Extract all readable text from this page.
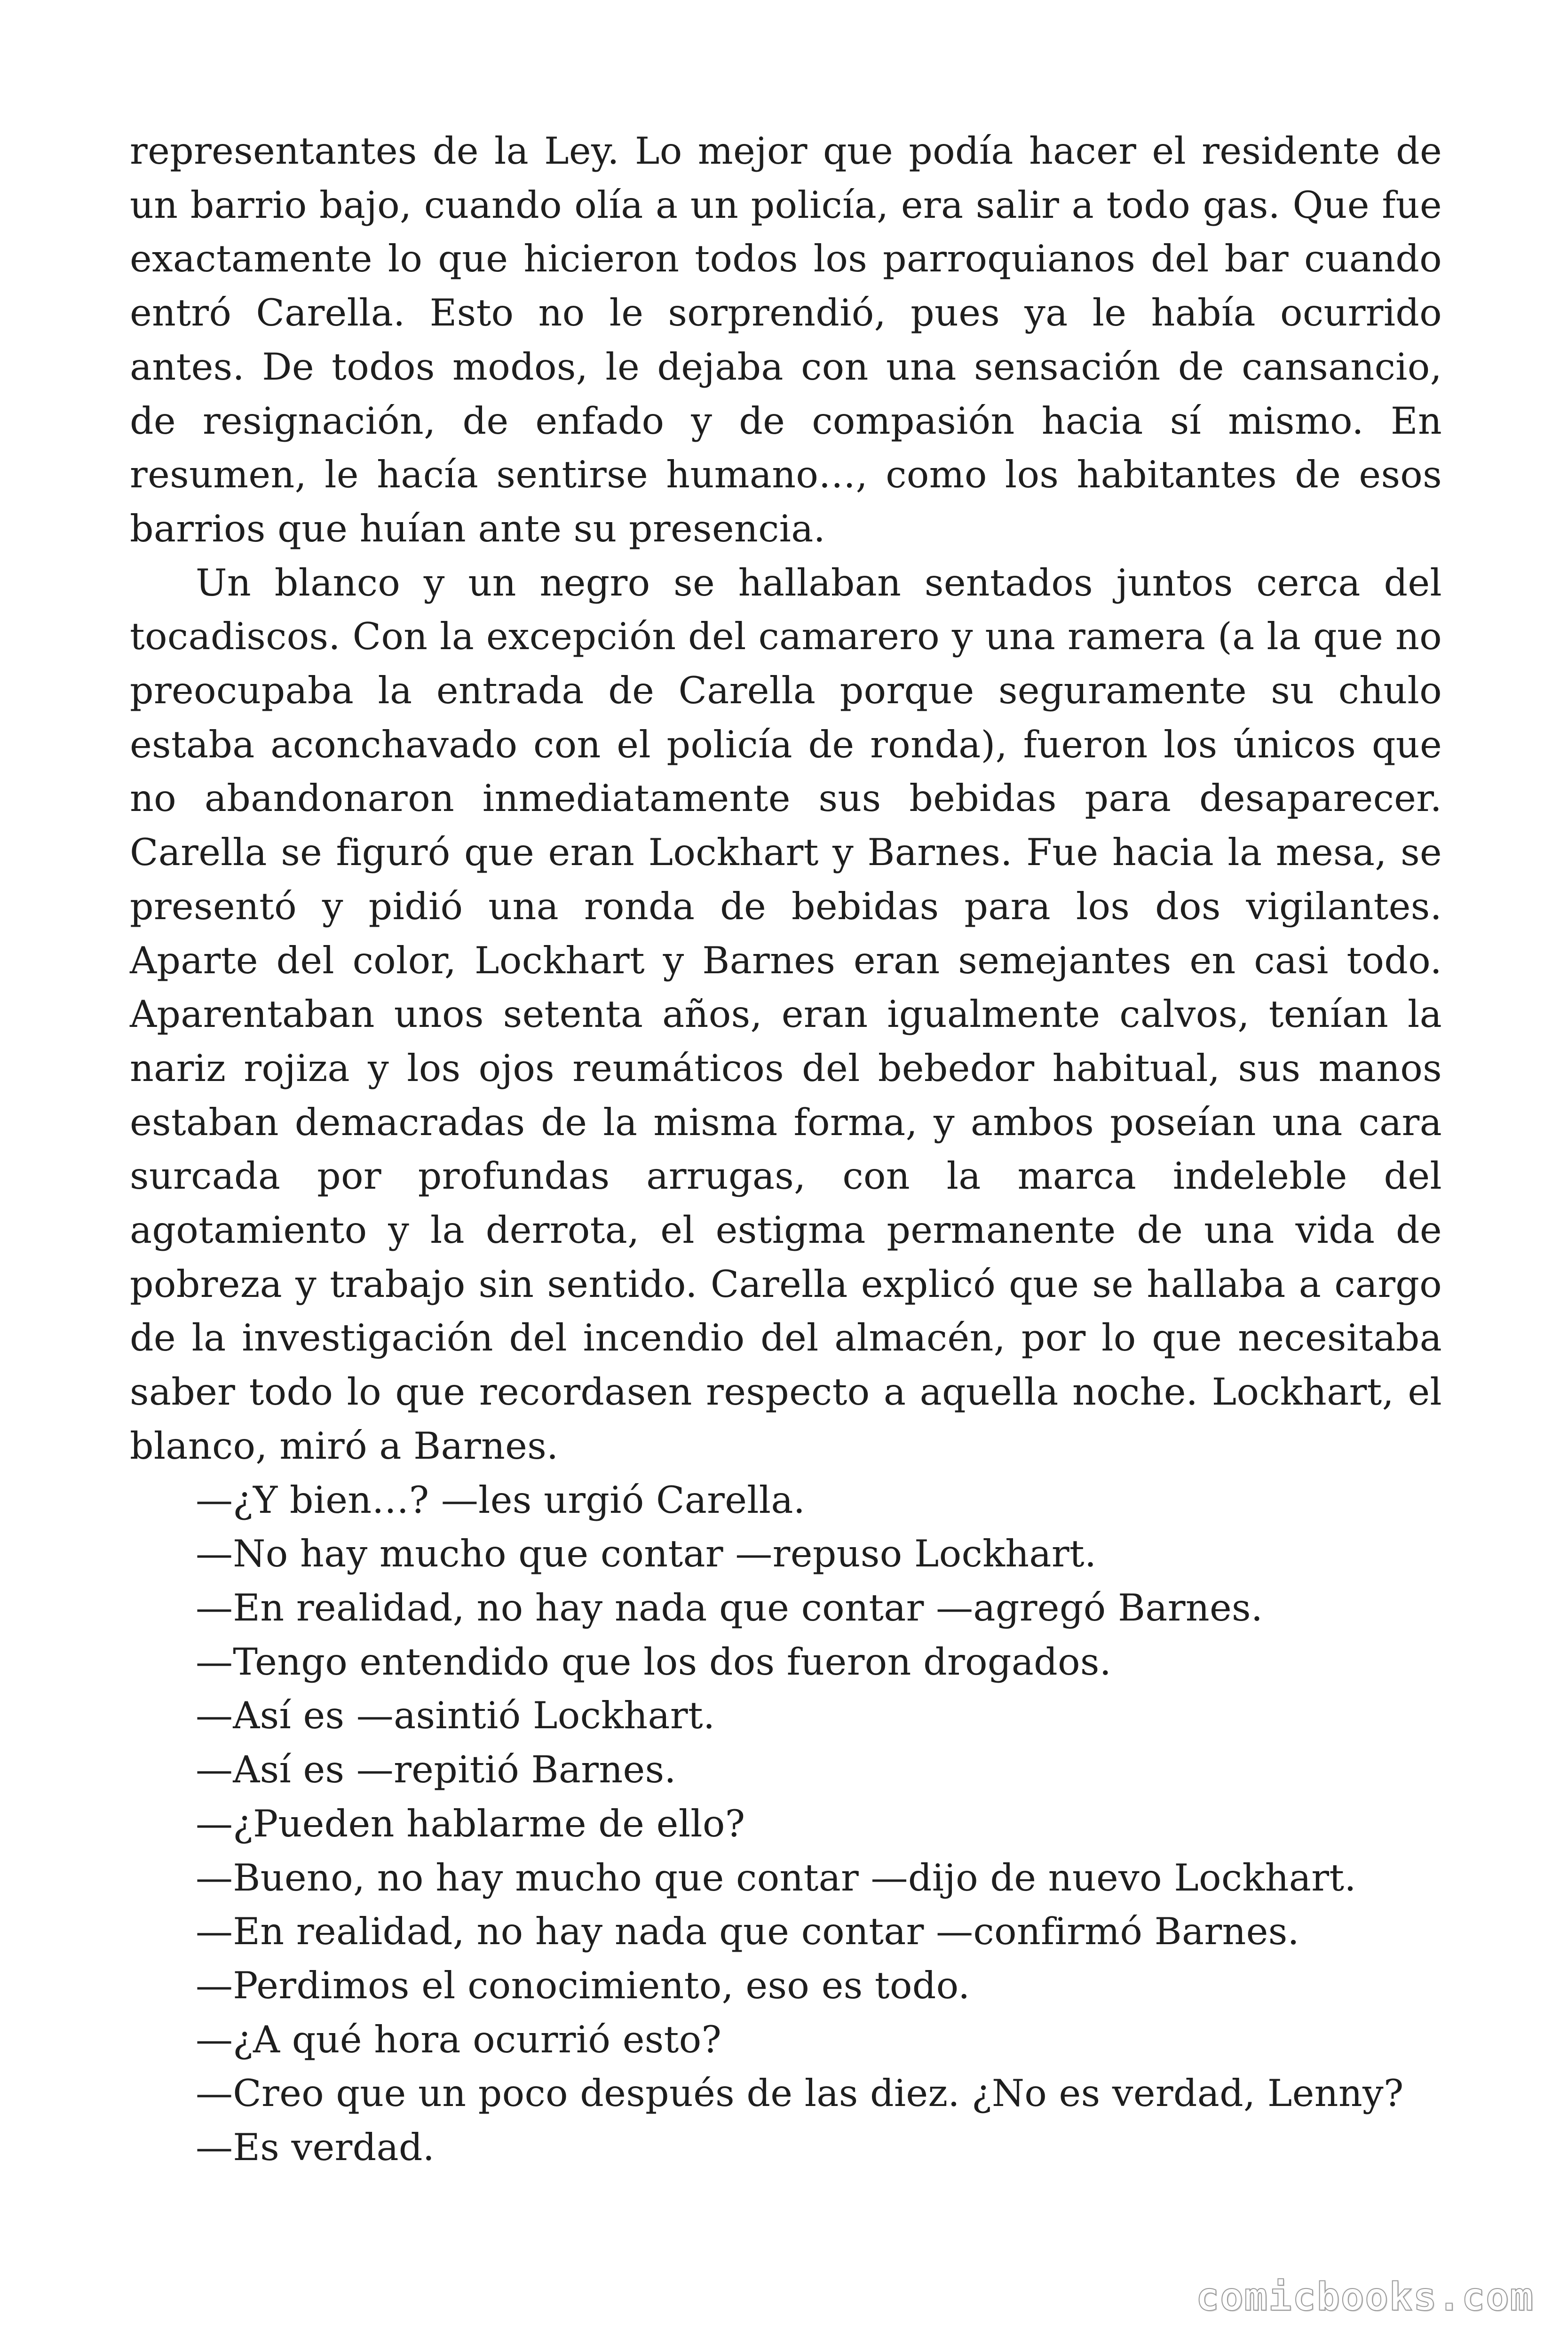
representantes de la Ley. Lo mejor que podía hacer el residente de un barrio bajo, cuando olía a un policía, era salir a todo gas. Que fue exactamente lo que hicieron todos los parroquianos del bar cuando entró Carella. Esto no le sorprendió, pues ya le había ocurrido antes. De todos modos, le dejaba con una sensación de cansancio, de resignación, de enfado y de compasión hacia sí mismo. En resumen, le hacía sentirse humano…, como los habitantes de esos barrios que huían ante su presencia.

Un blanco y un negro se hallaban sentados juntos cerca del tocadiscos. Con la excepción del camarero y una ramera (a la que no preocupaba la entrada de Carella porque seguramente su chulo estaba aconchavado con el policía de ronda), fueron los únicos que no abandonaron inmediatamente sus bebidas para desaparecer. Carella se figuró que eran Lockhart y Barnes. Fue hacia la mesa, se presentó y pidió una ronda de bebidas para los dos vigilantes. Aparte del color, Lockhart y Barnes eran semejantes en casi todo. Aparentaban unos setenta años, eran igualmente calvos, tenían la nariz rojiza y los ojos reumáticos del bebedor habitual, sus manos estaban demacradas de la misma forma, y ambos poseían una cara surcada por profundas arrugas, con la marca indeleble del agotamiento y la derrota, el estigma permanente de una vida de pobreza y trabajo sin sentido. Carella explicó que se hallaba a cargo de la investigación del incendio del almacén, por lo que necesitaba saber todo lo que recordasen respecto a aquella noche. Lockhart, el blanco, miró a Barnes.

—¿Y bien…? —les urgió Carella.

—No hay mucho que contar —repuso Lockhart.

—En realidad, no hay nada que contar —agregó Barnes.

—Tengo entendido que los dos fueron drogados.

—Así es —asintió Lockhart.

—Así es —repitió Barnes.

—¿Pueden hablarme de ello?

—Bueno, no hay mucho que contar —dijo de nuevo Lockhart.

—En realidad, no hay nada que contar —confirmó Barnes.

—Perdimos el conocimiento, eso es todo.

—¿A qué hora ocurrió esto?

—Creo que un poco después de las diez. ¿No es verdad, Lenny?

—Es verdad.

comicbooks.com
